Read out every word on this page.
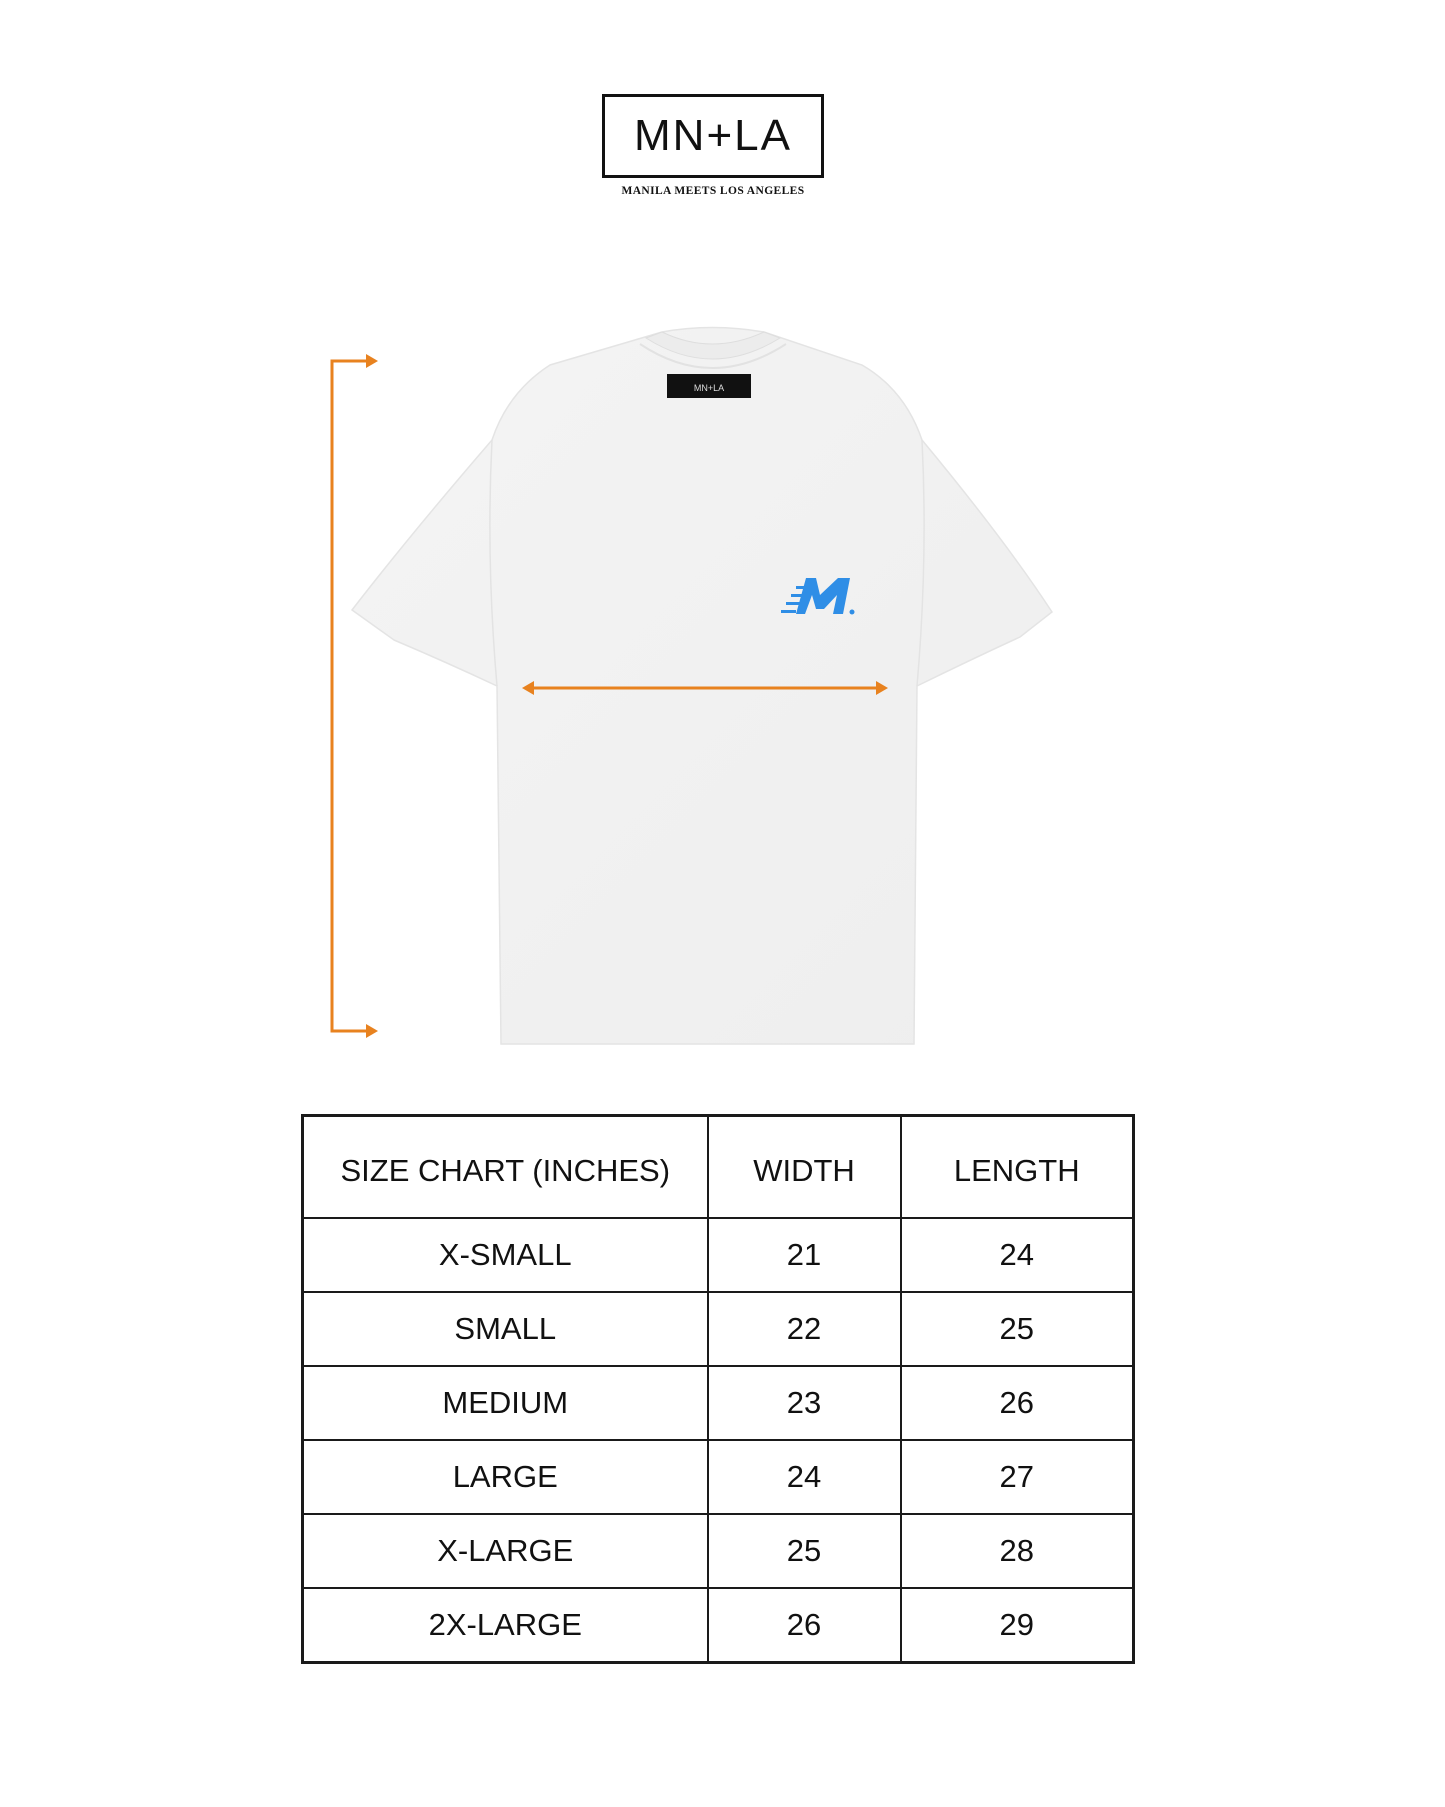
MN+LA
MANILA MEETS LOS ANGELES
MN+LA
SIZE CHART (INCHES)	WIDTH	LENGTH
X-SMALL	21	24
SMALL	22	25
MEDIUM	23	26
LARGE	24	27
X-LARGE	25	28
2X-LARGE	26	29
